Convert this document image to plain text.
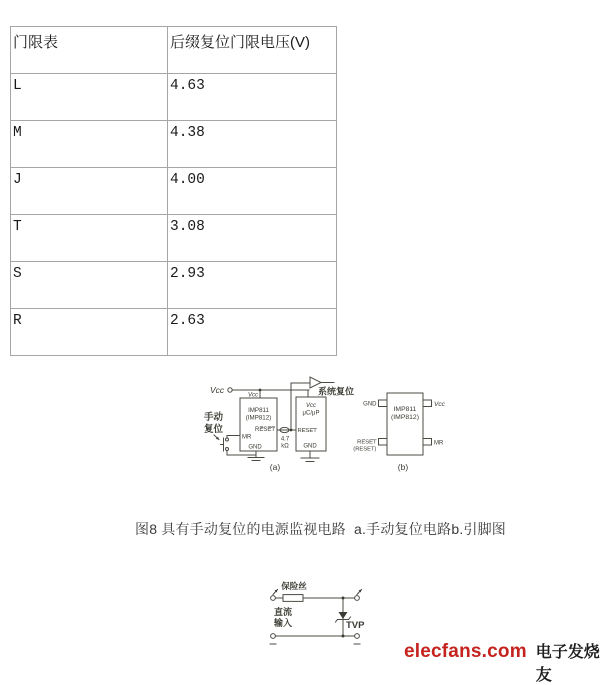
门限表	后缀复位门限电压(V)
L	4.63
M	4.38
J	4.00
T	3.08
S	2.93
R	2.63
Vcc
Vcc
IMP811
(IMP812)
RESET
MR
GND
手动
复位
4.7
kΩ
系统复位
Vcc
μC/μP
RESET
GND
(a)
GND	Vcc
IMP811
(IMP812)
RESET
(RESET)
MR
(b)
图8 具有手动复位的电源监视电路  a.手动复位电路b.引脚图
保险丝
TVP
直流
输入
elecfans.com 电子发烧友
